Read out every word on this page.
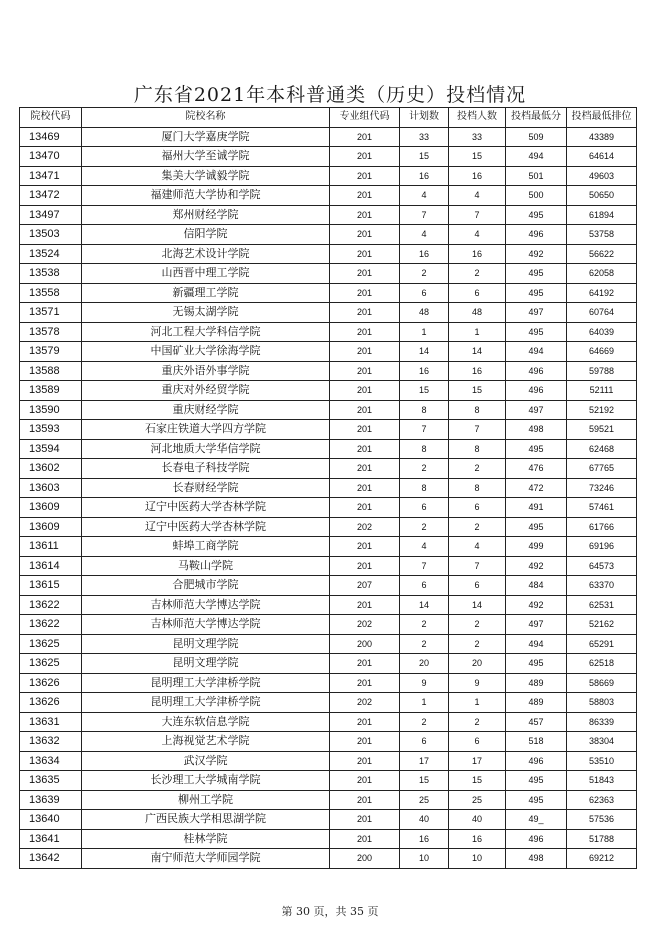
广东省2021年本科普通类（历史）投档情况
院校代码	院校名称	专业组代码	计划数	投档人数	投档最低分	投档最低排位
13469	厦门大学嘉庚学院	201	33	33	509	43389
13470	福州大学至诚学院	201	15	15	494	64614
13471	集美大学诚毅学院	201	16	16	501	49603
13472	福建师范大学协和学院	201	4	4	500	50650
13497	郑州财经学院	201	7	7	495	61894
13503	信阳学院	201	4	4	496	53758
13524	北海艺术设计学院	201	16	16	492	56622
13538	山西晋中理工学院	201	2	2	495	62058
13558	新疆理工学院	201	6	6	495	64192
13571	无锡太湖学院	201	48	48	497	60764
13578	河北工程大学科信学院	201	1	1	495	64039
13579	中国矿业大学徐海学院	201	14	14	494	64669
13588	重庆外语外事学院	201	16	16	496	59788
13589	重庆对外经贸学院	201	15	15	496	52111
13590	重庆财经学院	201	8	8	497	52192
13593	石家庄铁道大学四方学院	201	7	7	498	59521
13594	河北地质大学华信学院	201	8	8	495	62468
13602	长春电子科技学院	201	2	2	476	67765
13603	长春财经学院	201	8	8	472	73246
13609	辽宁中医药大学杏林学院	201	6	6	491	57461
13609	辽宁中医药大学杏林学院	202	2	2	495	61766
13611	蚌埠工商学院	201	4	4	499	69196
13614	马鞍山学院	201	7	7	492	64573
13615	合肥城市学院	207	6	6	484	63370
13622	吉林师范大学博达学院	201	14	14	492	62531
13622	吉林师范大学博达学院	202	2	2	497	52162
13625	昆明文理学院	200	2	2	494	65291
13625	昆明文理学院	201	20	20	495	62518
13626	昆明理工大学津桥学院	201	9	9	489	58669
13626	昆明理工大学津桥学院	202	1	1	489	58803
13631	大连东软信息学院	201	2	2	457	86339
13632	上海视觉艺术学院	201	6	6	518	38304
13634	武汉学院	201	17	17	496	53510
13635	长沙理工大学城南学院	201	15	15	495	51843
13639	柳州工学院	201	25	25	495	62363
13640	广西民族大学相思湖学院	201	40	40	49_	57536
13641	桂林学院	201	16	16	496	51788
13642	南宁师范大学师园学院	200	10	10	498	69212
第 30 页，共 35 页
